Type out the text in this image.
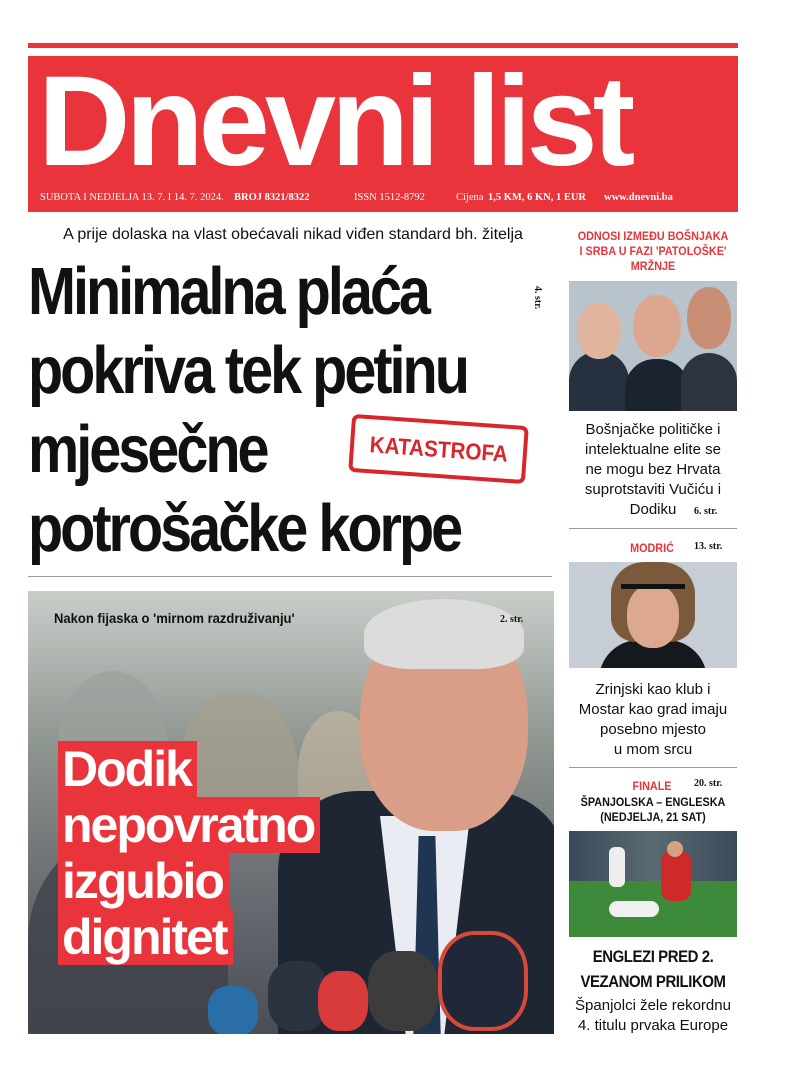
Dnevni list
SUBOTA I NEDJELJA 13. 7. I 14. 7. 2024. BROJ 8321/8322	ISSN 1512-8792	Cijena 1,5 KM, 6 KN, 1 EUR www.dnevni.ba
A prije dolaska na vlast obećavali nikad viđen standard bh. žitelja
Minimalna plaća
pokriva tek petinu
mjesečne
potrošačke korpe
4. str.
KATASTROFA
Nakon fijaska o 'mirnom razdruživanju'	2. str.
Dodik
nepovratno
izgubio
dignitet
ODNOSI IZMEĐU BOŠNJAKA
I SRBA U FAZI 'PATOLOŠKE'
MRŽNJE
Bošnjačke političke i
intelektualne elite se
ne mogu bez Hrvata
suprotstaviti Vučiću i
Dodiku	6. str.
MODRIĆ	13. str.
Zrinjski kao klub i
Mostar kao grad imaju
posebno mjesto
u mom srcu
FINALE	20. str.
ŠPANJOLSKA – ENGLESKA
(NEDJELJA, 21 SAT)
ENGLEZI PRED 2.
VEZANOM PRILIKOM
Španjolci žele rekordnu
4. titulu prvaka Europe
